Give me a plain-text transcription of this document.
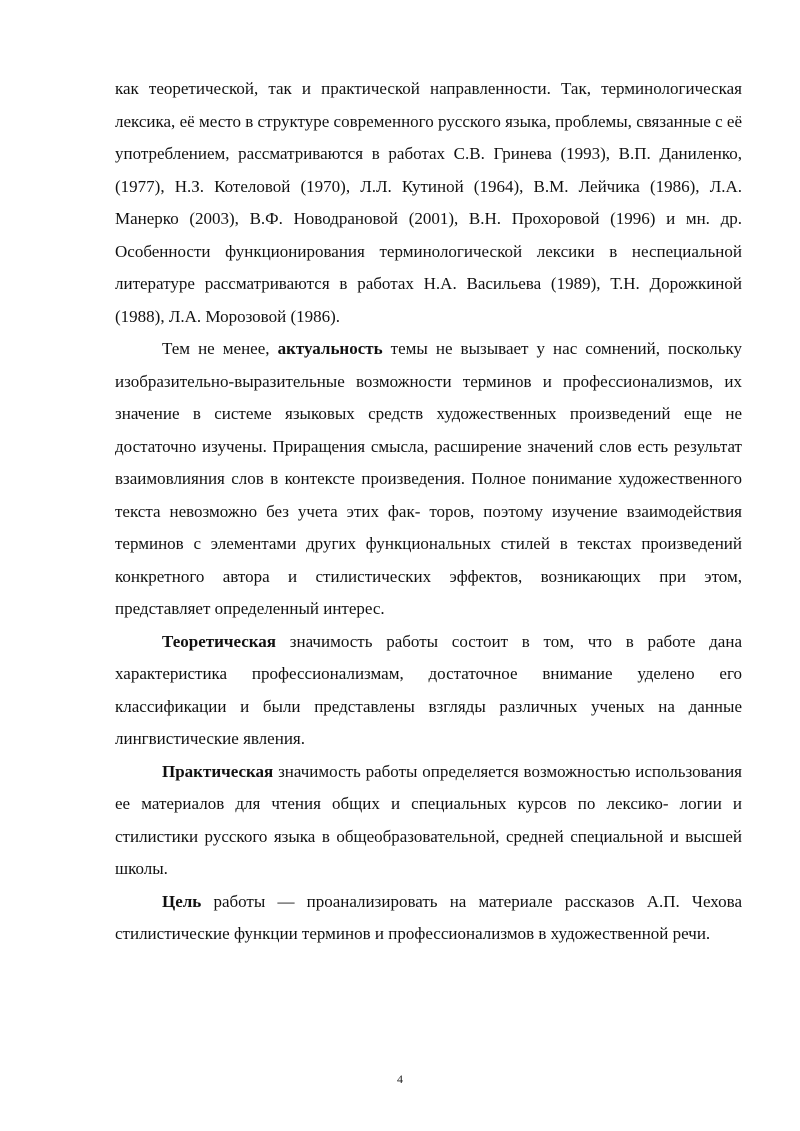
как теоретической, так и практической направленности. Так, терминологическая лексика, её место в структуре современного русского языка, проблемы, связанные с её употреблением, рассматриваются в работах С.В. Гринева (1993), В.П. Даниленко, (1977), Н.З. Котеловой (1970), Л.Л. Кутиной (1964), В.М. Лейчика (1986), Л.А. Манерко (2003), В.Ф. Новодрановой (2001), В.Н. Прохоровой (1996) и мн. др. Особенности функционирования терминологической лексики в неспециальной литературе рассматриваются в работах Н.А. Васильева (1989), Т.Н. Дорожкиной (1988), Л.А. Морозовой (1986).

Тем не менее, актуальность темы не вызывает у нас сомнений, поскольку изобразительно-выразительные возможности терминов и профессионализмов, их значение в системе языковых средств художественных произведений еще не достаточно изучены. Приращения смысла, расширение значений слов есть результат взаимовлияния слов в контексте произведения. Полное понимание художественного текста невозможно без учета этих фак- торов, поэтому изучение взаимодействия терминов с элементами других функциональных стилей в текстах произведений конкретного автора и стилистических эффектов, возникающих при этом, представляет определенный интерес.

Теоретическая значимость работы состоит в том, что в работе дана характеристика профессионализмам, достаточное внимание уделено его классификации и были представлены взгляды различных ученых на данные лингвистические явления.

Практическая значимость работы определяется возможностью использования ее материалов для чтения общих и специальных курсов по лексико- логии и стилистики русского языка в общеобразовательной, средней специальной и высшей школы.

Цель работы — проанализировать на материале рассказов А.П. Чехова стилистические функции терминов и профессионализмов в художественной речи.

4
